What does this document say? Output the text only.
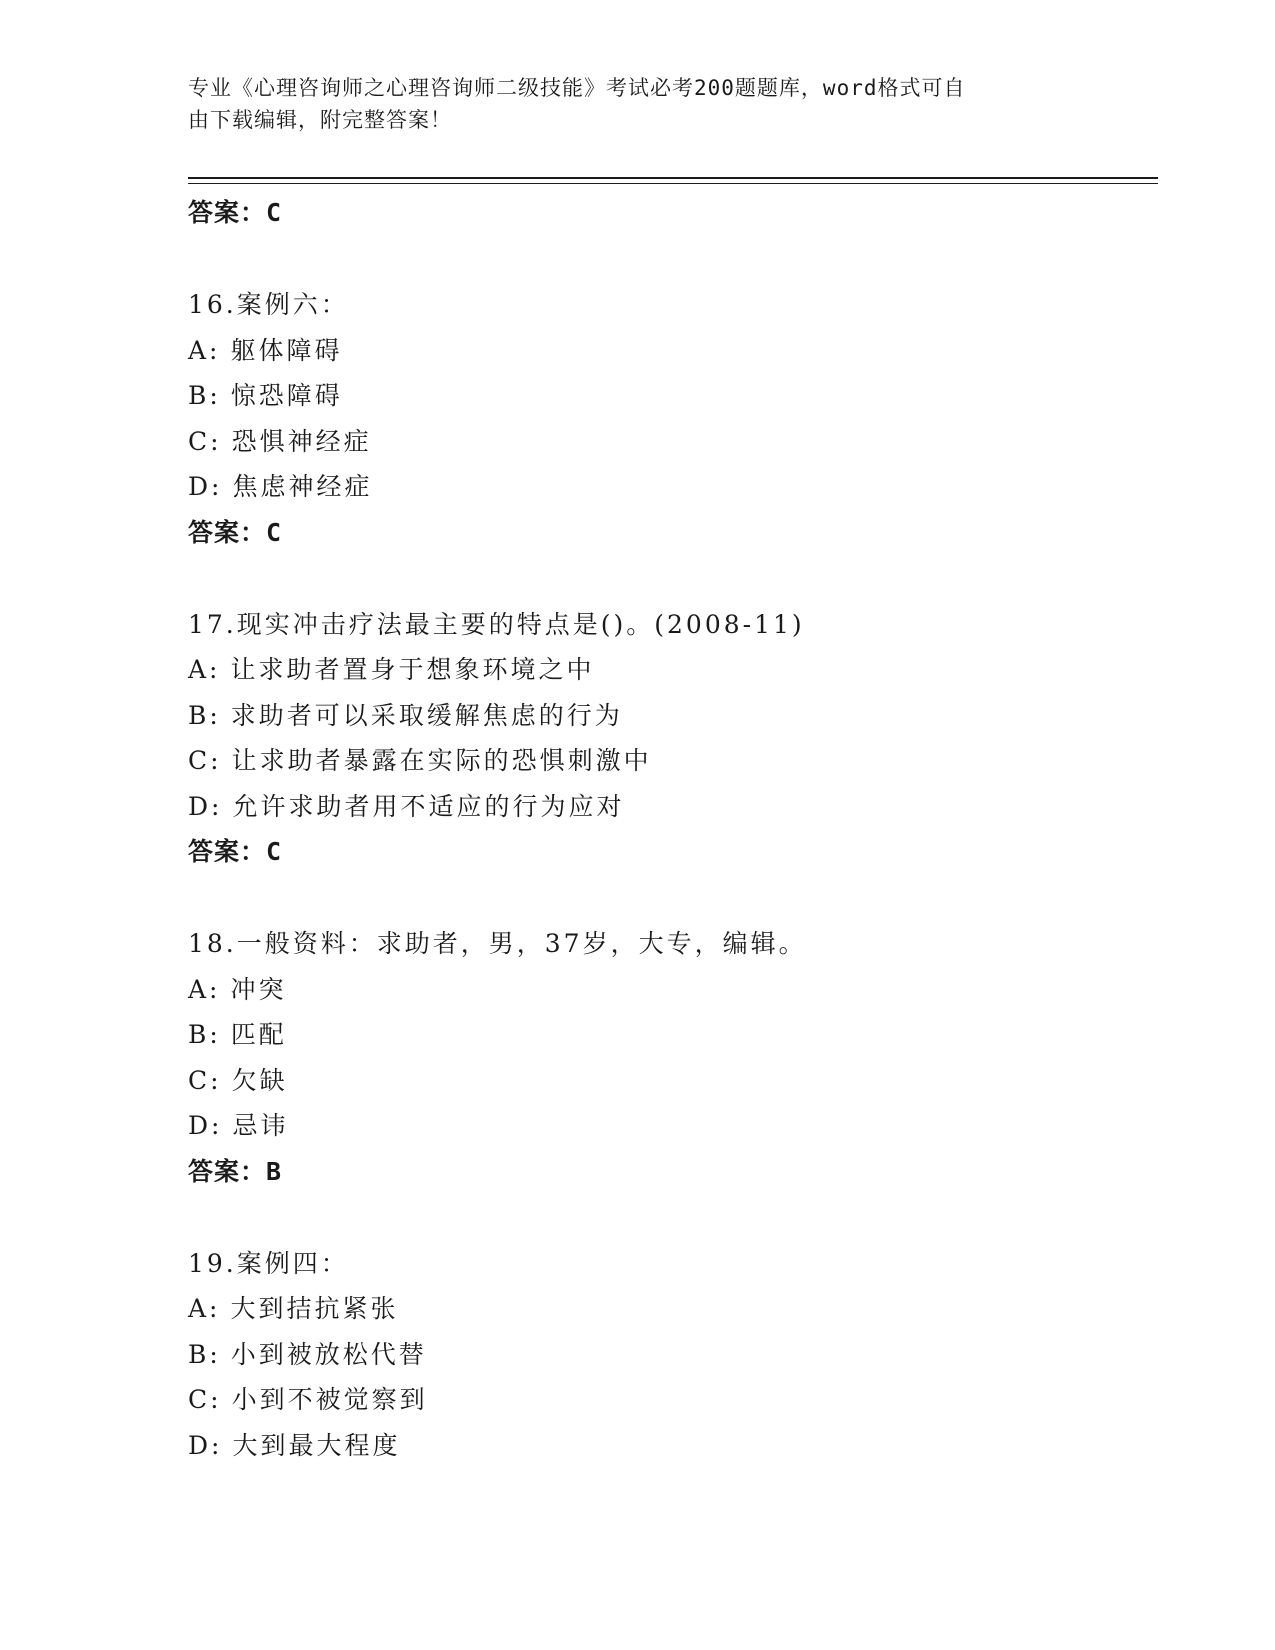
专业《心理咨询师之心理咨询师二级技能》考试必考200题题库，word格式可自
由下载编辑，附完整答案！
答案：C
16.案例六：
A: 躯体障碍
B: 惊恐障碍
C: 恐惧神经症
D: 焦虑神经症
答案：C
17.现实冲击疗法最主要的特点是()。(2008-11)
A: 让求助者置身于想象环境之中
B: 求助者可以采取缓解焦虑的行为
C: 让求助者暴露在实际的恐惧刺激中
D: 允许求助者用不适应的行为应对
答案：C
18.一般资料：求助者，男，37岁，大专，编辑。
A: 冲突
B: 匹配
C: 欠缺
D: 忌讳
答案：B
19.案例四：
A: 大到拮抗紧张
B: 小到被放松代替
C: 小到不被觉察到
D: 大到最大程度
